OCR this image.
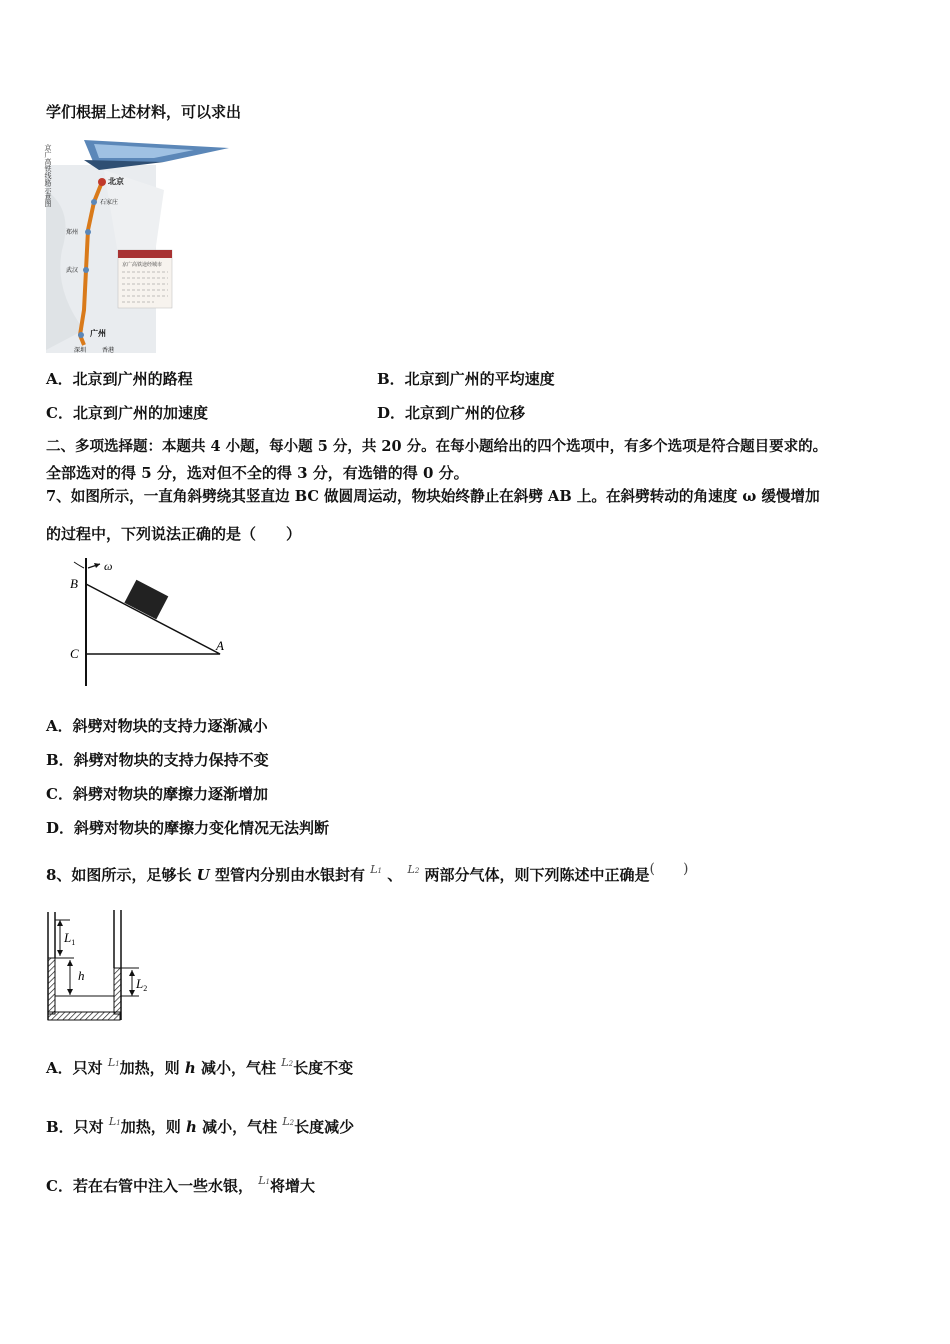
学们根据上述材料，可以求出
京广高铁线路示意图	北京
石家庄
郑州
武汉
广州
深圳	香港
京广高铁途经城市
A．北京到广州的路程	B．北京到广州的平均速度
C．北京到广州的加速度	D．北京到广州的位移
二、多项选择题：本题共 4 小题，每小题 5 分，共 20 分。在每小题给出的四个选项中，有多个选项是符合题目要求的。
全部选对的得 5 分，选对但不全的得 3 分，有选错的得 0 分。
7、如图所示，一直角斜劈绕其竖直边 BC 做圆周运动，物块始终静止在斜劈 AB 上。在斜劈转动的角速度 ω 缓慢增加
的过程中，下列说法正确的是（　　）
ω
B
C
A
A．斜劈对物块的支持力逐渐减小
B．斜劈对物块的支持力保持不变
C．斜劈对物块的摩擦力逐渐增加
D．斜劈对物块的摩擦力变化情况无法判断
8、如图所示，足够长 U 型管内分别由水银封有 $^{L1}$ 、 $^{L2}$ 两部分气体，则下列陈述中正确是(　　)
$L_1$
h
$L_2$
A．只对 $^{L1}$加热，则 h 减小，气柱 $^{L2}$长度不变
B．只对 $^{L1}$加热，则 h 减小，气柱 $^{L2}$长度减少
C．若在右管中注入一些水银， $^{L1}$将增大
